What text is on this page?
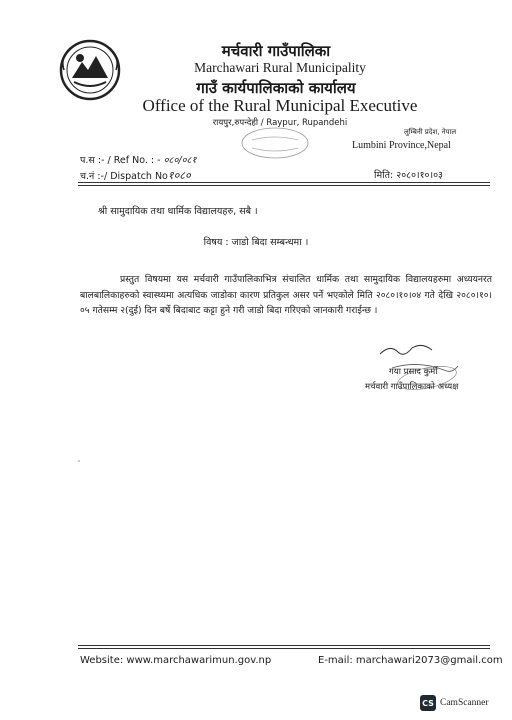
मर्चवारी गाउँपालिका
Marchawari Rural Municipality
गाउँ कार्यपालिकाको कार्यालय
Office of the Rural Municipal Executive
रायपुर,रुपन्देही / Raypur, Rupandehi
लुम्बिनी प्रदेश, नेपाल
Lumbini Province,Nepal
प.स :- / Ref No. : - ०८०/०८१
च.नं :-/ Dispatch No१०८०	मिति: २०८०।१०।०३
श्री सामुदायिक तथा धार्मिक विद्यालयहरु, सबै ।
विषय : जाडो बिदा सम्बन्धमा ।
प्रस्तुत विषयमा यस मर्चवारी गाउँपालिकाभित्र संचालित धार्मिक तथा सामुदायिक विद्यालयहरुमा अध्ययनरत बालबालिकाहरुको स्वास्थ्यमा अत्यधिक जाडोका कारण प्रतिकुल असर पर्ने भएकोले मिति २०८०।१०।०४ गते देखि २०८०।१०।०५ गतेसम्म २(दुई) दिन बर्षे बिदाबाट कट्टा हुने गरी जाडो बिदा गरिएको जानकारी गराईन्छ ।
गया प्रसाद कुर्मी
मर्चवारी गाउँपालिकाको अध्यक्ष
Website: www.marchawarimun.gov.np	E-mail: marchawari2073@gmail.com
CS CamScanner
